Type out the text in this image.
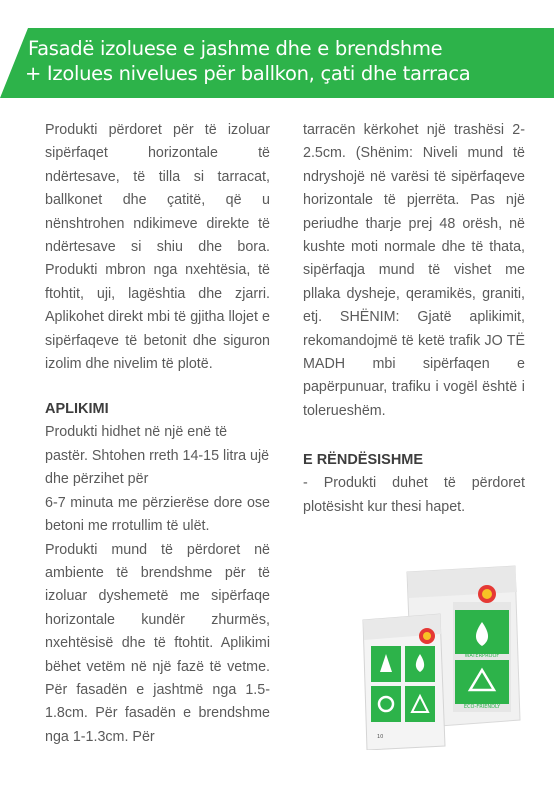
Fasadë izoluese e jashme dhe e brendshme
+ Izolues nivelues për ballkon, çati dhe tarraca

Produkti përdoret për të izoluar sipërfaqet horizontale të ndërtesave, të tilla si tarracat, ballkonet dhe çatitë, që u nënshtrohen ndikimeve direkte të ndërtesave si shiu dhe bora. Produkti mbron nga nxehtësia, të ftohtit, uji, lagështia dhe zjarri. Aplikohet direkt mbi të gjitha llojet e sipërfaqeve të betonit dhe siguron izolim dhe nivelim të plotë.

APLIKIMI

Produkti hidhet në një enë të pastër. Shtohen rreth 14-15 litra ujë dhe përzihet për

6-7 minuta me përzierëse dore ose betoni me rrotullim të ulët.

Produkti mund të përdoret në ambiente të brendshme për të izoluar dyshemetë me sipërfaqe horizontale kundër zhurmës, nxehtësisë dhe të ftohtit. Aplikimi bëhet vetëm në një fazë të vetme. Për fasadën e jashtmë nga 1.5-1.8cm. Për fasadën e brendshme nga 1-1.3cm. Për

tarracën kërkohet një trashësi 2-2.5cm. (Shënim: Niveli mund të ndryshojë në varësi të sipërfaqeve horizontale të pjerrëta. Pas një periudhe tharje prej 48 orësh, në kushte moti normale dhe të thata, sipërfaqja mund të vishet me pllaka dysheje, qeramikës, graniti, etj. SHËNIM: Gjatë aplikimit, rekomandojmë të ketë trafik JO TË MADH mbi sipërfaqen e papërpunuar, trafiku i vogël është i tolerueshëm.

E RËNDËSISHME

- Produkti duhet të përdoret plotësisht kur thesi hapet.

WATERPROOF
ECO-FRIENDLY
10
